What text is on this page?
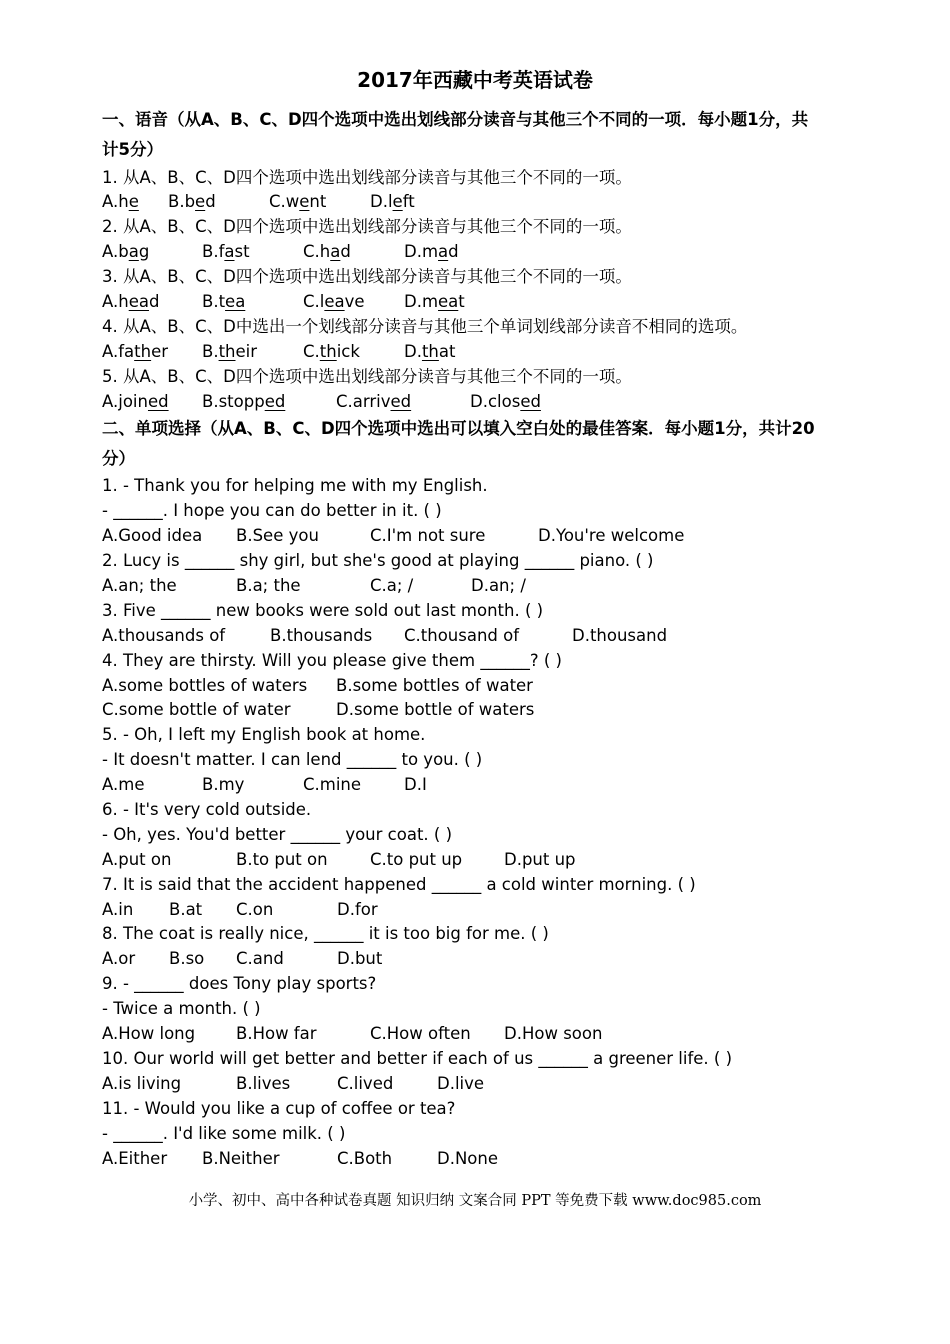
2017年西藏中考英语试卷
一、语音（从A、B、C、D四个选项中选出划线部分读音与其他三个不同的一项．每小题1分，共
计5分）
1. 从A、B、C、D四个选项中选出划线部分读音与其他三个不同的一项。
A.he B.bed	C.went	D.left
2. 从A、B、C、D四个选项中选出划线部分读音与其他三个不同的一项。
A.bag	B.fast	C.had	D.mad
3. 从A、B、C、D四个选项中选出划线部分读音与其他三个不同的一项。
A.head	B.tea	C.leave D.meat
4. 从A、B、C、D中选出一个划线部分读音与其他三个单词划线部分读音不相同的选项。
A.father B.their	C.thick	D.that
5. 从A、B、C、D四个选项中选出划线部分读音与其他三个不同的一项。
A.joined B.stopped	C.arrived	D.closed
二、单项选择（从A、B、C、D四个选项中选出可以填入空白处的最佳答案．每小题1分，共计20
分）
1. - Thank you for helping me with my English.
- ______. I hope you can do better in it. ( )
A.Good idea B.See you	C.I'm not sure	D.You're welcome
2. Lucy is ______ shy girl, but she's good at playing ______ piano. ( )
A.an; the	B.a; the	C.a; /	D.an; /
3. Five ______ new books were sold out last month. ( )
A.thousands of	B.thousands C.thousand of	D.thousand
4. They are thirsty. Will you please give them ______? ( )
A.some bottles of waters B.some bottles of water
C.some bottle of water	D.some bottle of waters
5. - Oh, I left my English book at home.
- It doesn't matter. I can lend ______ to you. ( )
A.me	B.my	C.mine	D.I
6. - It's very cold outside.
- Oh, yes. You'd better ______ your coat. ( )
A.put on	B.to put on	C.to put up	D.put up
7. It is said that the accident happened ______ a cold winter morning. ( )
A.in B.at C.on	D.for
8. The coat is really nice, ______ it is too big for me. ( )
A.or B.so C.and	D.but
9. - ______ does Tony play sports?
- Twice a month. ( )
A.How long B.How far	C.How often D.How soon
10. Our world will get better and better if each of us ______ a greener life. ( )
A.is living	B.lives	C.lived	D.live
11. - Would you like a cup of coffee or tea?
- ______. I'd like some milk. ( )
A.Either B.Neither	C.Both	D.None
小学、初中、高中各种试卷真题 知识归纳 文案合同 PPT 等免费下载 www.doc985.com
